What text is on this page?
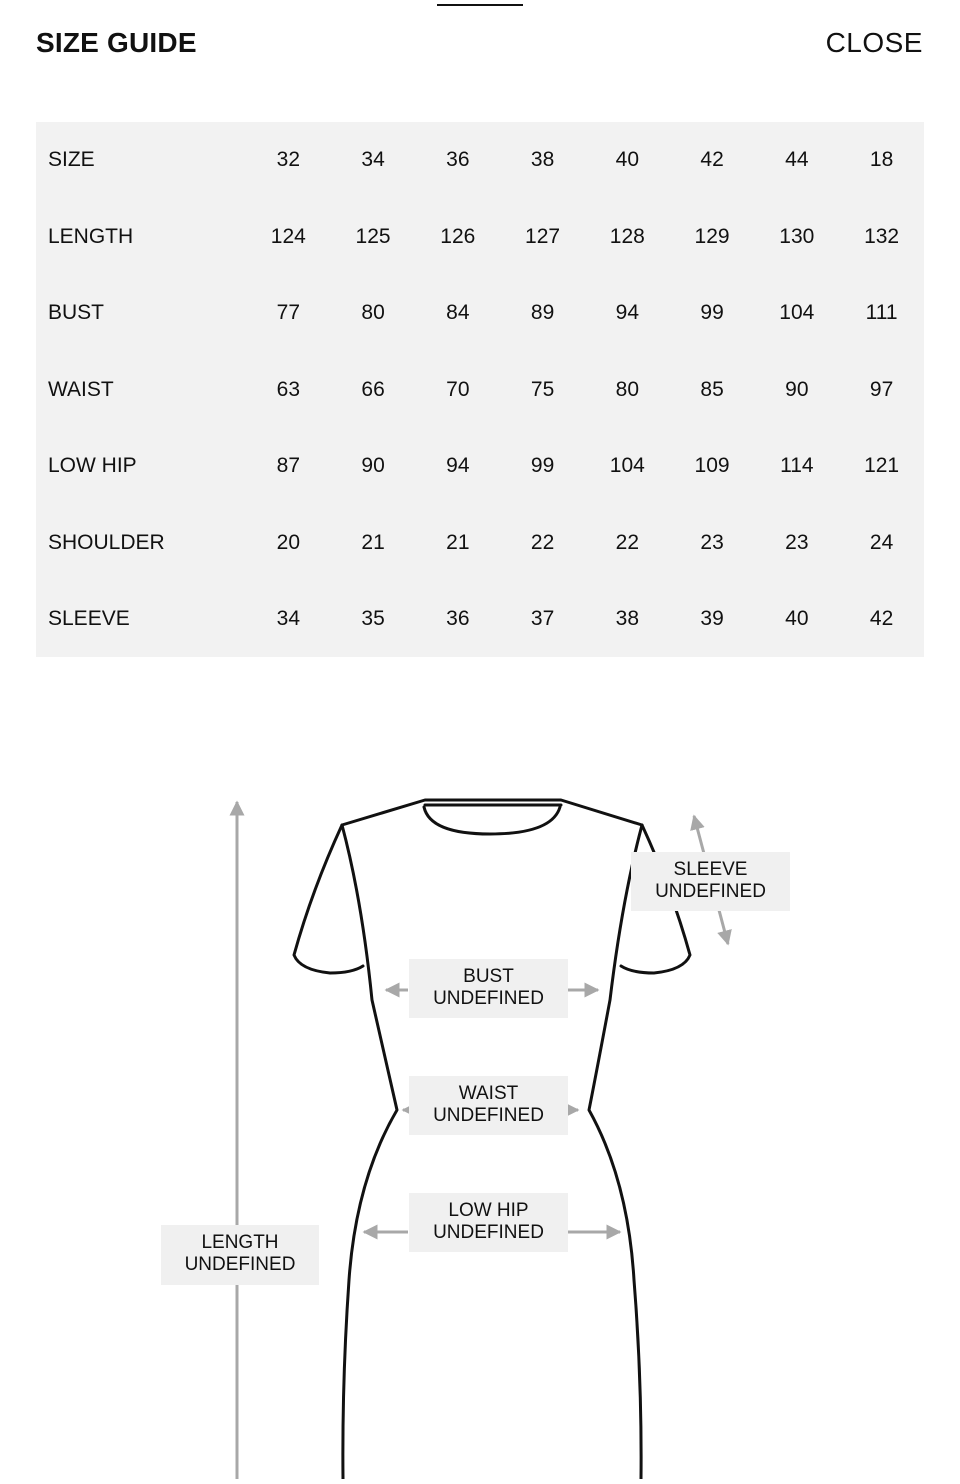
SIZE GUIDE	CLOSE
SIZE	32	34	36	38	40	42	44	18
LENGTH	124	125	126	127	128	129	130	132
BUST	77	80	84	89	94	99	104	111
WAIST	63	66	70	75	80	85	90	97
LOW HIP	87	90	94	99	104	109	114	121
SHOULDER	20	21	21	22	22	23	23	24
SLEEVE	34	35	36	37	38	39	40	42
SLEEVE
UNDEFINED
BUST
UNDEFINED
WAIST
UNDEFINED
LOW HIP
UNDEFINED
LENGTH
UNDEFINED
